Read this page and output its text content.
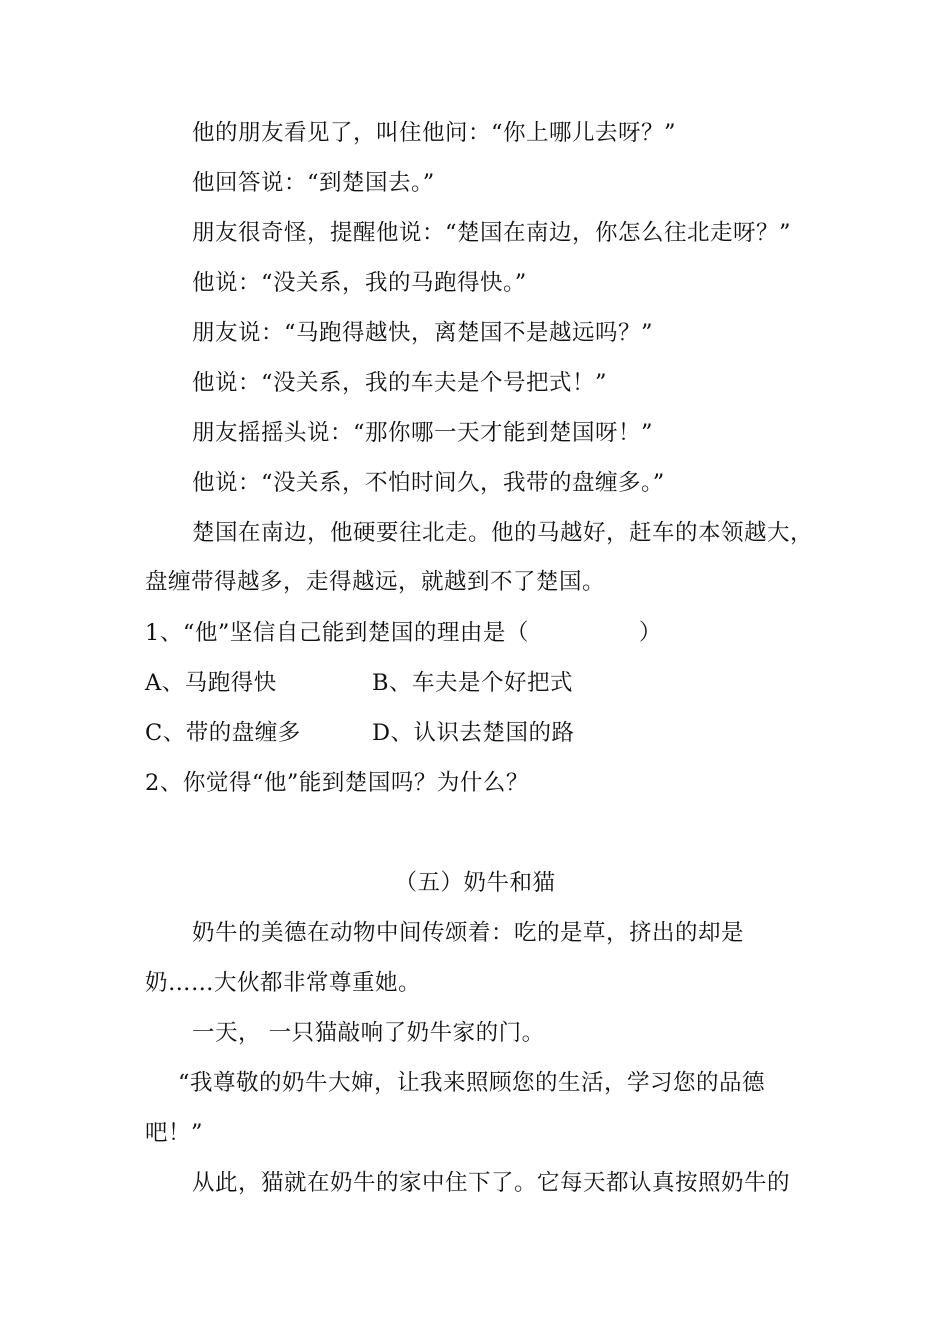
他的朋友看见了，叫住他问：“你上哪儿去呀？”
他回答说：“到楚国去。”
朋友很奇怪，提醒他说：“楚国在南边，你怎么往北走呀？”
他说：“没关系，我的马跑得快。”
朋友说：“马跑得越快，离楚国不是越远吗？”
他说：“没关系，我的车夫是个号把式！”
朋友摇摇头说：“那你哪一天才能到楚国呀！”
他说：“没关系，不怕时间久，我带的盘缠多。”
楚国在南边，他硬要往北走。他的马越好，赶车的本领越大，
盘缠带得越多，走得越远，就越到不了楚国。
1、“他”坚信自己能到楚国的理由是（	）
A、马跑得快	B、车夫是个好把式
C、带的盘缠多	D、认识去楚国的路
2、你觉得“他”能到楚国吗？为什么？
（五）奶牛和猫
奶牛的美德在动物中间传颂着：吃的是草，挤出的却是
奶……大伙都非常尊重她。
一天， 一只猫敲响了奶牛家的门。
“我尊敬的奶牛大婶，让我来照顾您的生活，学习您的品德
吧！”
从此，猫就在奶牛的家中住下了。它每天都认真按照奶牛的
